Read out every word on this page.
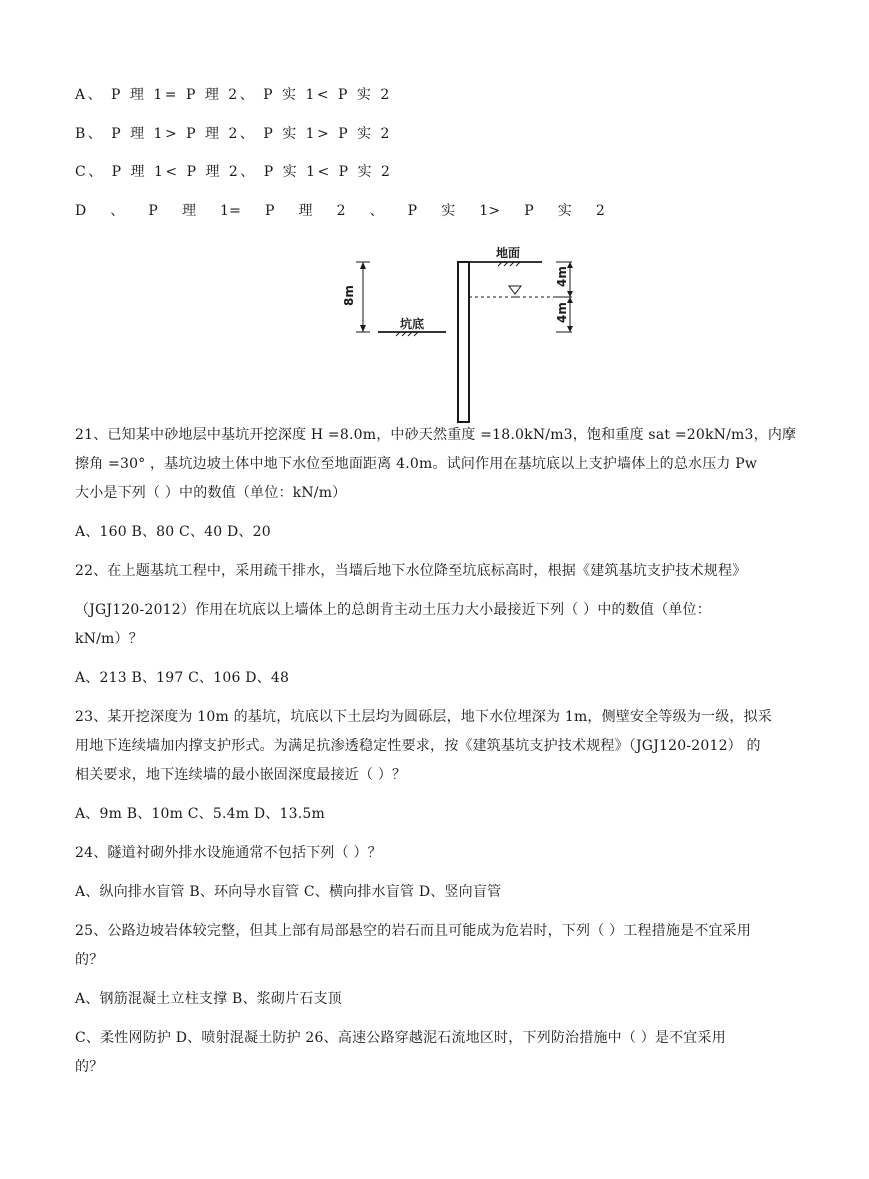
A、 P 理 1= P 理 2、 P 实 1< P 实 2
B、 P 理 1> P 理 2、 P 实 1> P 实 2
C、 P 理 1< P 理 2、 P 实 1< P 实 2
D 、 P 理 1= P 理 2 、 P 实 1> P 实 2
地面
坑底
8m
4m
4m
21、已知某中砂地层中基坑开挖深度 H =8.0m，中砂天然重度 =18.0kN/m3，饱和重度 sat =20kN/m3，内摩
擦角 =30° ，基坑边坡土体中地下水位至地面距离 4.0m。试问作用在基坑底以上支护墙体上的总水压力 Pw
大小是下列（ ）中的数值（单位：kN/m）
A、160 B、80 C、40 D、20
22、在上题基坑工程中，采用疏干排水，当墙后地下水位降至坑底标高时，根据《建筑基坑支护技术规程》
（JGJ120-2012）作用在坑底以上墙体上的总朗肯主动土压力大小最接近下列（ ）中的数值（单位：
kN/m）？
A、213 B、197 C、106 D、48
23、某开挖深度为 10m 的基坑，坑底以下土层均为圆砾层，地下水位埋深为 1m，侧壁安全等级为一级，拟采
用地下连续墙加内撑支护形式。为满足抗渗透稳定性要求，按《建筑基坑支护技术规程》（JGJ120-2012） 的
相关要求，地下连续墙的最小嵌固深度最接近（ ）？
A、9m B、10m C、5.4m D、13.5m
24、隧道衬砌外排水设施通常不包括下列（ ）？
A、纵向排水盲管 B、环向导水盲管 C、横向排水盲管 D、竖向盲管
25、公路边坡岩体较完整，但其上部有局部悬空的岩石而且可能成为危岩时，下列（ ）工程措施是不宜采用
的？
A、钢筋混凝土立柱支撑 B、浆砌片石支顶
C、柔性网防护 D、喷射混凝土防护 26、高速公路穿越泥石流地区时，下列防治措施中（ ）是不宜采用
的？
